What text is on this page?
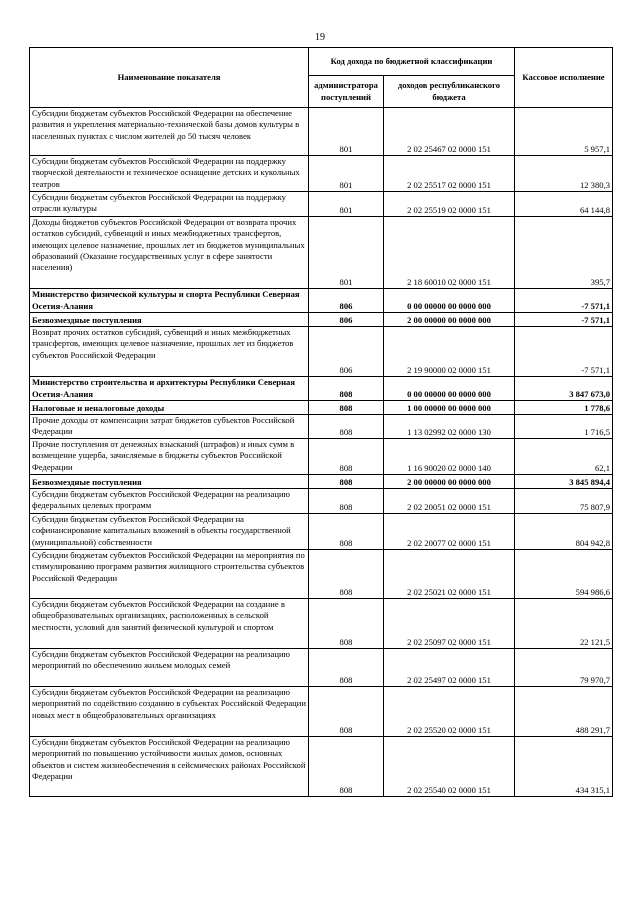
19
Наименование показателя	Код дохода по бюджетной классификации		Кассовое исполнение
	администратора поступлений	доходов республиканского бюджета	
Субсидии бюджетам субъектов Российской Федерации на обеспечение развития и укрепления материально-технической базы домов культуры в населенных пунктах с числом жителей до 50 тысяч человек	801	2 02 25467 02 0000 151	5 957,1
Субсидии бюджетам субъектов Российской Федерации на поддержку творческой деятельности и техническое оснащение детских и кукольных театров	801	2 02 25517 02 0000 151	12 380,3
Субсидии бюджетам субъектов Российской Федерации на поддержку отрасли культуры	801	2 02 25519 02 0000 151	64 144,8
Доходы бюджетов субъектов Российской Федерации от возврата прочих остатков субсидий, субвенций и иных межбюджетных трансфертов, имеющих целевое назначение, прошлых лет из бюджетов муниципальных образований (Оказание государственных услуг в сфере занятости населения)	801	2 18 60010 02 0000 151	395,7
Министерство физической культуры и спорта Республики Северная Осетия-Алания	806	0 00 00000 00 0000 000	-7 571,1
Безвозмездные поступления	806	2 00 00000 00 0000 000	-7 571,1
Возврат прочих остатков субсидий, субвенций и иных межбюджетных трансфертов, имеющих целевое назначение, прошлых лет из бюджетов субъектов Российской Федерации	806	2 19 90000 02 0000 151	-7 571,1
Министерство строительства и архитектуры Республики Северная Осетия-Алания	808	0 00 00000 00 0000 000	3 847 673,0
Налоговые и неналоговые доходы	808	1 00 00000 00 0000 000	1 778,6
Прочие доходы от компенсации затрат бюджетов субъектов Российской Федерации	808	1 13 02992 02 0000 130	1 716,5
Прочие поступления от денежных взысканий (штрафов) и иных сумм в возмещение ущерба, зачисляемые в бюджеты субъектов Российской Федерации	808	1 16 90020 02 0000 140	62,1
Безвозмездные поступления	808	2 00 00000 00 0000 000	3 845 894,4
Субсидии бюджетам субъектов Российской Федерации на реализацию федеральных целевых программ	808	2 02 20051 02 0000 151	75 807,9
Субсидии бюджетам субъектов Российской Федерации на софинансирование капитальных вложений в объекты государственной (муниципальной) собственности	808	2 02 20077 02 0000 151	804 942,8
Субсидии бюджетам субъектов Российской Федерации на мероприятия по стимулированию программ развития жилищного строительства субъектов Российской Федерации	808	2 02 25021 02 0000 151	594 986,6
Субсидии бюджетам субъектов Российской Федерации на создание в общеобразовательных организациях, расположенных в сельской местности, условий для занятий физической культурой и спортом	808	2 02 25097 02 0000 151	22 121,5
Субсидии бюджетам субъектов Российской Федерации на реализацию мероприятий по обеспечению жильем молодых семей	808	2 02 25497 02 0000 151	79 970,7
Субсидии бюджетам субъектов Российской Федерации на реализацию мероприятий по содействию созданию в субъектах Российской Федерации новых мест в общеобразовательных организациях	808	2 02 25520 02 0000 151	488 291,7
Субсидии бюджетам субъектов Российской Федерации на реализацию мероприятий по повышению устойчивости жилых домов, основных объектов и систем жизнеобеспечения в сейсмических районах Российской Федерации	808	2 02 25540 02 0000 151	434 315,1
